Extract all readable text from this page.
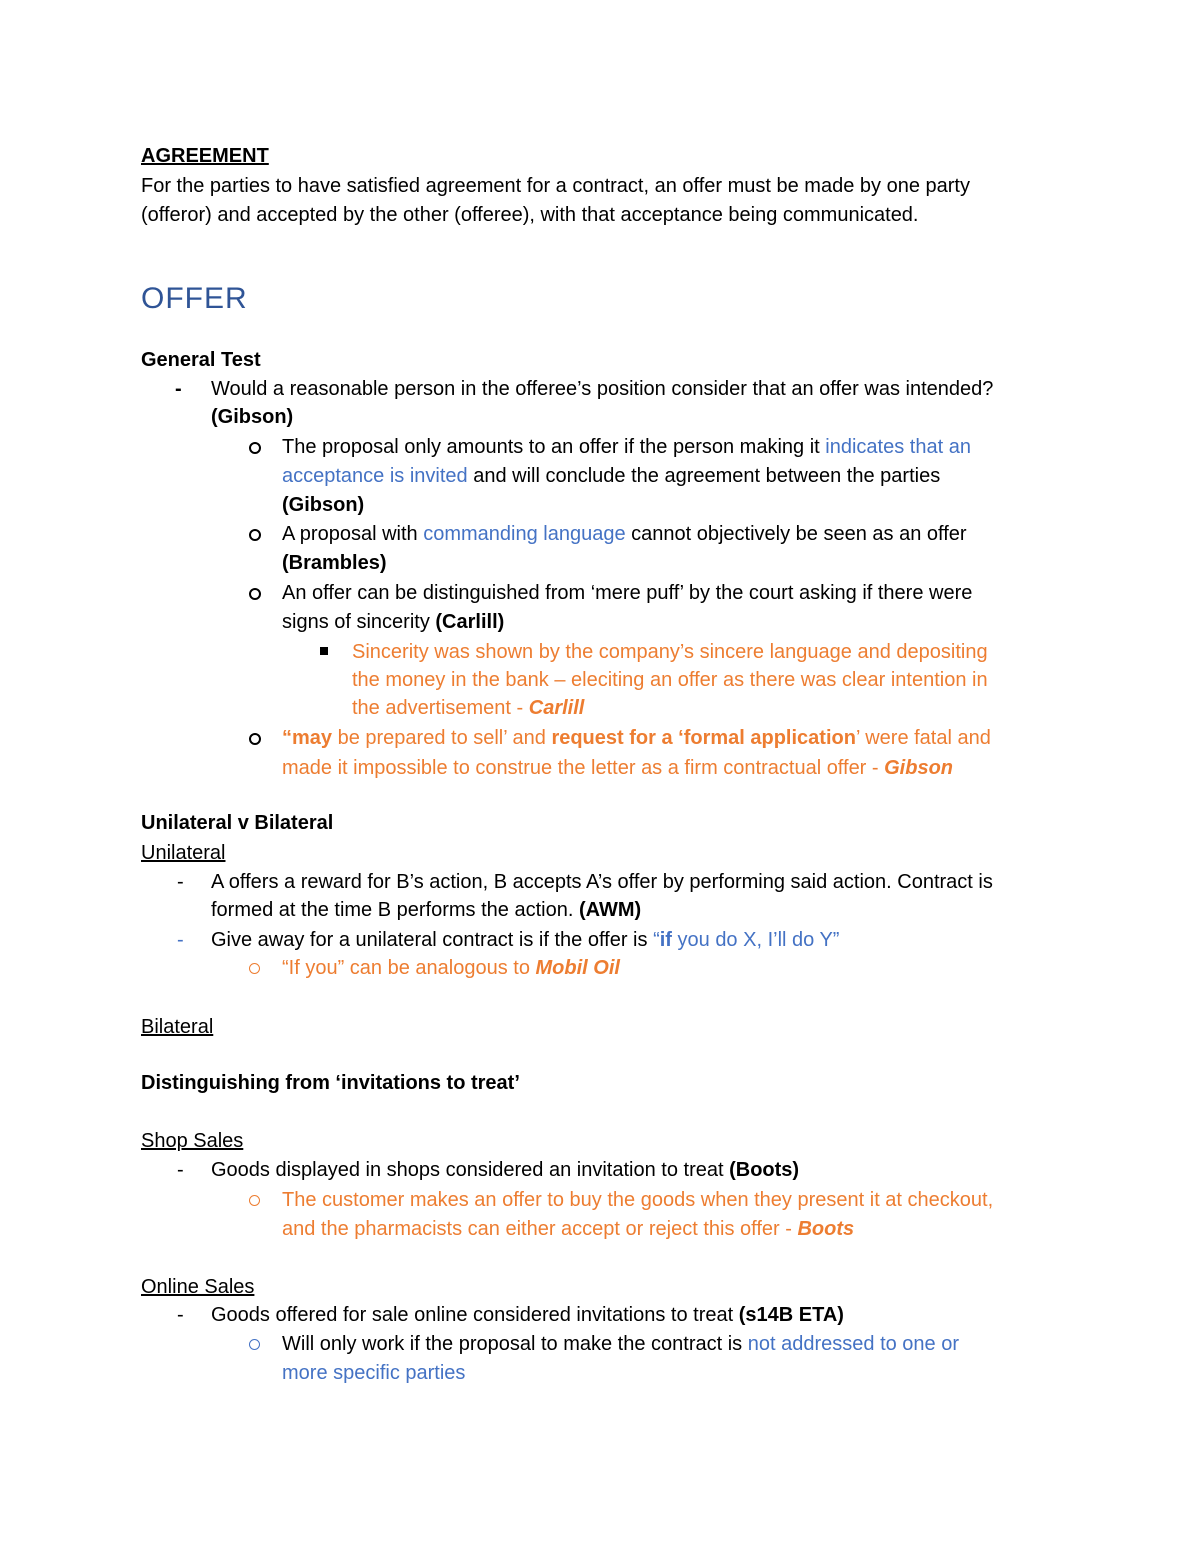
AGREEMENT
For the parties to have satisfied agreement for a contract, an offer must be made by one party
(offeror) and accepted by the other (offeree), with that acceptance being communicated.
OFFER
General Test
- Would a reasonable person in the offeree’s position consider that an offer was intended?
(Gibson)
The proposal only amounts to an offer if the person making it indicates that an
acceptance is invited and will conclude the agreement between the parties
(Gibson)
A proposal with commanding language cannot objectively be seen as an offer
(Brambles)
An offer can be distinguished from ‘mere puff’ by the court asking if there were
signs of sincerity (Carlill)
Sincerity was shown by the company’s sincere language and depositing
the money in the bank – eleciting an offer as there was clear intention in
the advertisement - Carlill
“may be prepared to sell’ and request for a ‘formal application’ were fatal and
made it impossible to construe the letter as a firm contractual offer - Gibson
Unilateral v Bilateral
Unilateral
- A offers a reward for B’s action, B accepts A’s offer by performing said action. Contract is
formed at the time B performs the action. (AWM)
- Give away for a unilateral contract is if the offer is “if you do X, I’ll do Y”
“If you” can be analogous to Mobil Oil
Bilateral
Distinguishing from ‘invitations to treat’
Shop Sales
- Goods displayed in shops considered an invitation to treat (Boots)
The customer makes an offer to buy the goods when they present it at checkout,
and the pharmacists can either accept or reject this offer - Boots
Online Sales
- Goods offered for sale online considered invitations to treat (s14B ETA)
Will only work if the proposal to make the contract is not addressed to one or
more specific parties
